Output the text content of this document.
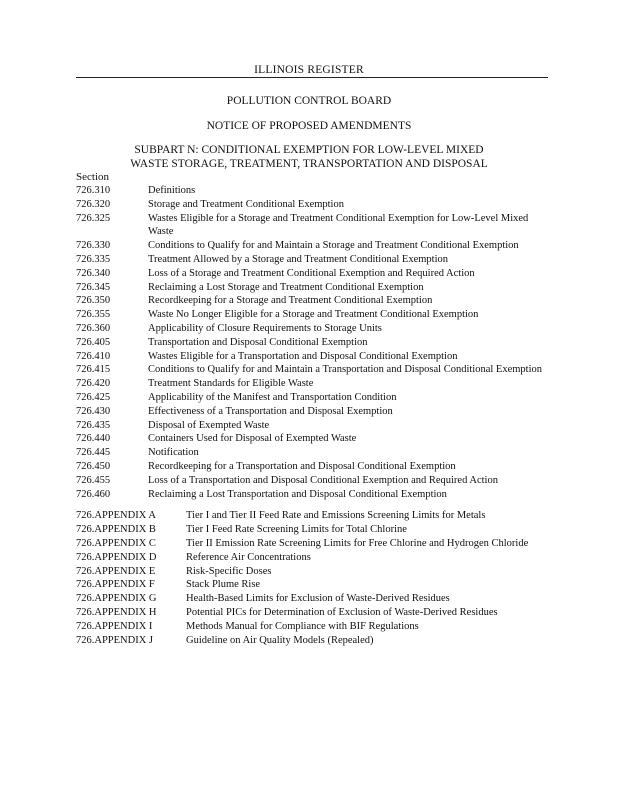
ILLINOIS REGISTER
POLLUTION CONTROL BOARD
NOTICE OF PROPOSED AMENDMENTS
SUBPART N: CONDITIONAL EXEMPTION FOR LOW-LEVEL MIXED
WASTE STORAGE, TREATMENT, TRANSPORTATION AND DISPOSAL
Section
726.310	Definitions
726.320	Storage and Treatment Conditional Exemption
726.325	Wastes Eligible for a Storage and Treatment Conditional Exemption for Low-Level Mixed Waste
726.330	Conditions to Qualify for and Maintain a Storage and Treatment Conditional Exemption
726.335	Treatment Allowed by a Storage and Treatment Conditional Exemption
726.340	Loss of a Storage and Treatment Conditional Exemption and Required Action
726.345	Reclaiming a Lost Storage and Treatment Conditional Exemption
726.350	Recordkeeping for a Storage and Treatment Conditional Exemption
726.355	Waste No Longer Eligible for a Storage and Treatment Conditional Exemption
726.360	Applicability of Closure Requirements to Storage Units
726.405	Transportation and Disposal Conditional Exemption
726.410	Wastes Eligible for a Transportation and Disposal Conditional Exemption
726.415	Conditions to Qualify for and Maintain a Transportation and Disposal Conditional Exemption
726.420	Treatment Standards for Eligible Waste
726.425	Applicability of the Manifest and Transportation Condition
726.430	Effectiveness of a Transportation and Disposal Exemption
726.435	Disposal of Exempted Waste
726.440	Containers Used for Disposal of Exempted Waste
726.445	Notification
726.450	Recordkeeping for a Transportation and Disposal Conditional Exemption
726.455	Loss of a Transportation and Disposal Conditional Exemption and Required Action
726.460	Reclaiming a Lost Transportation and Disposal Conditional Exemption
726.APPENDIX A	Tier I and Tier II Feed Rate and Emissions Screening Limits for Metals
726.APPENDIX B	Tier I Feed Rate Screening Limits for Total Chlorine
726.APPENDIX C	Tier II Emission Rate Screening Limits for Free Chlorine and Hydrogen Chloride
726.APPENDIX D	Reference Air Concentrations
726.APPENDIX E	Risk-Specific Doses
726.APPENDIX F	Stack Plume Rise
726.APPENDIX G	Health-Based Limits for Exclusion of Waste-Derived Residues
726.APPENDIX H	Potential PICs for Determination of Exclusion of Waste-Derived Residues
726.APPENDIX I	Methods Manual for Compliance with BIF Regulations
726.APPENDIX J	Guideline on Air Quality Models (Repealed)
